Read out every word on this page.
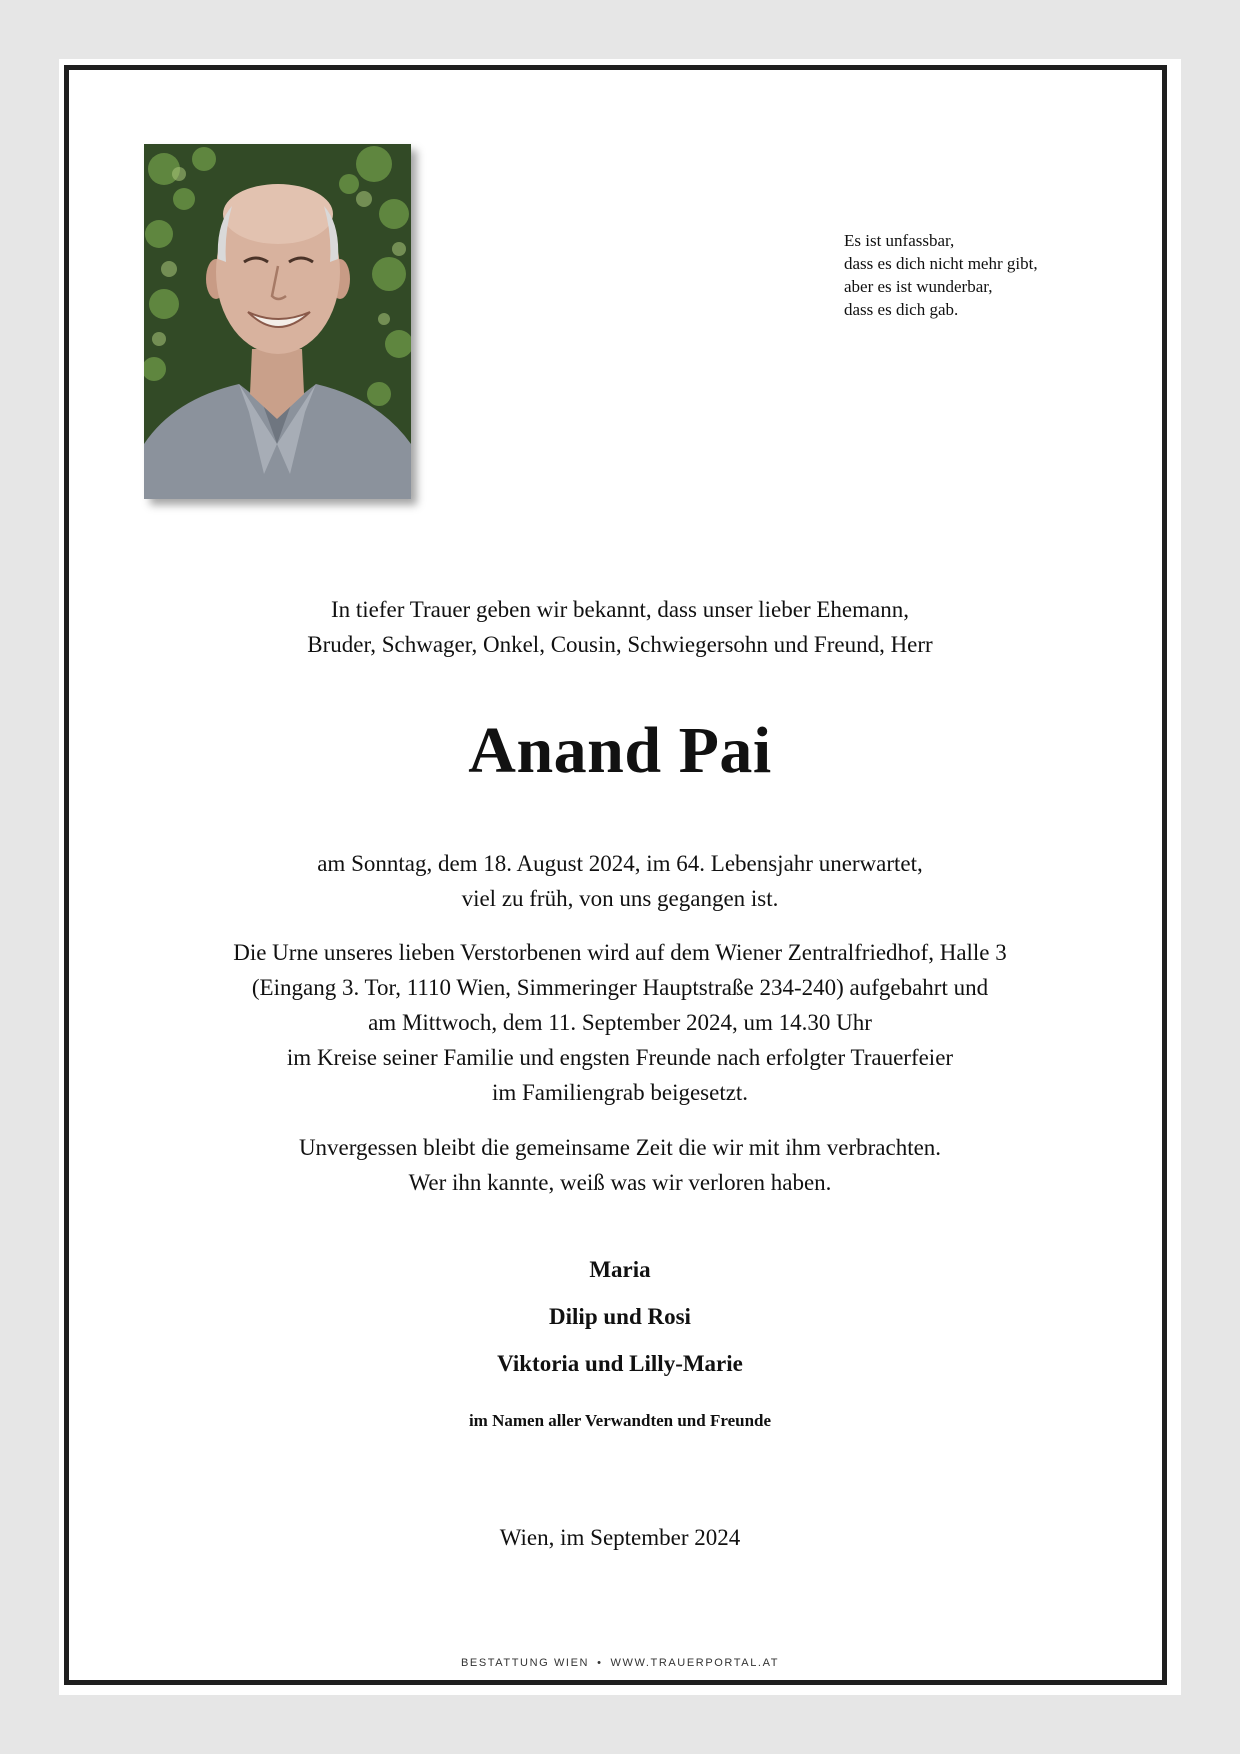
Es ist unfassbar,
dass es dich nicht mehr gibt,
aber es ist wunderbar,
dass es dich gab.
In tiefer Trauer geben wir bekannt, dass unser lieber Ehemann,
Bruder, Schwager, Onkel, Cousin, Schwiegersohn und Freund, Herr
Anand Pai
am Sonntag, dem 18. August 2024, im 64. Lebensjahr unerwartet,
viel zu früh, von uns gegangen ist.
Die Urne unseres lieben Verstorbenen wird auf dem Wiener Zentralfriedhof, Halle 3
(Eingang 3. Tor, 1110 Wien, Simmeringer Hauptstraße 234-240) aufgebahrt und
am Mittwoch, dem 11. September 2024, um 14.30 Uhr
im Kreise seiner Familie und engsten Freunde nach erfolgter Trauerfeier
im Familiengrab beigesetzt.
Unvergessen bleibt die gemeinsame Zeit die wir mit ihm verbrachten.
Wer ihn kannte, weiß was wir verloren haben.
Maria
Dilip und Rosi
Viktoria und Lilly-Marie
im Namen aller Verwandten und Freunde
Wien, im September 2024
BESTATTUNG WIEN • WWW.TRAUERPORTAL.AT
